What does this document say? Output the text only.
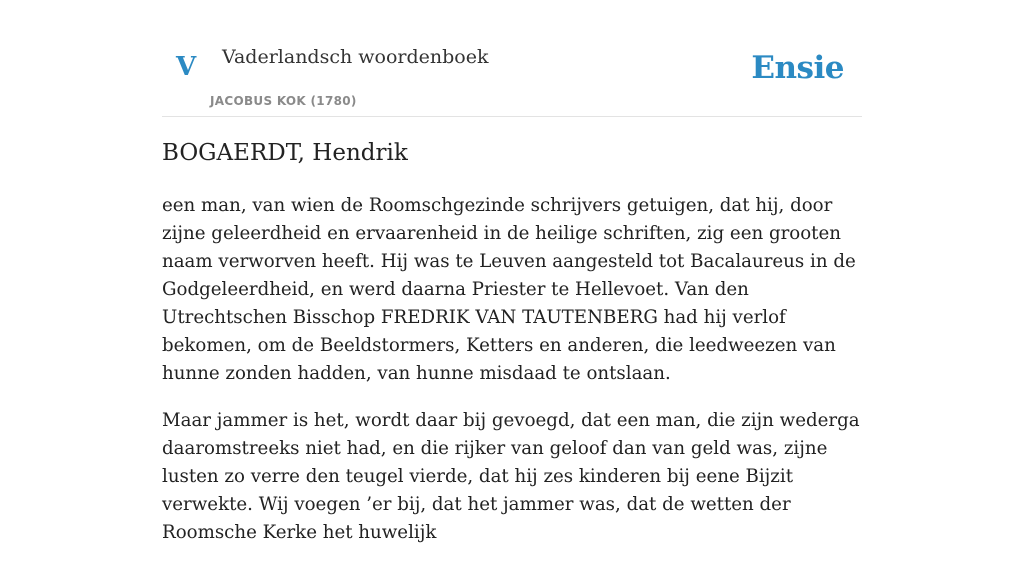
V Vaderlandsch woordenboek
JACOBUS KOK (1780)
Ensie
BOGAERDT, Hendrik

een man, van wien de Roomschgezinde schrijvers getuigen, dat hij, door zijne geleerdheid en ervaarenheid in de heilige schriften, zig een grooten naam verworven heeft. Hij was te Leuven aangesteld tot Bacalaureus in de Godgeleerdheid, en werd daarna Priester te Hellevoet. Van den Utrechtschen Bisschop FREDRIK VAN TAUTENBERG had hij verlof bekomen, om de Beeldstormers, Ketters en anderen, die leedweezen van hunne zonden hadden, van hunne misdaad te ontslaan.

Maar jammer is het, wordt daar bij gevoegd, dat een man, die zijn wederga daaromstreeks niet had, en die rijker van geloof dan van geld was, zijne lusten zo verre den teugel vierde, dat hij zes kinderen bij eene Bijzit verwekte. Wij voegen ’er bij, dat het jammer was, dat de wetten der Roomsche Kerke het huwelijk
